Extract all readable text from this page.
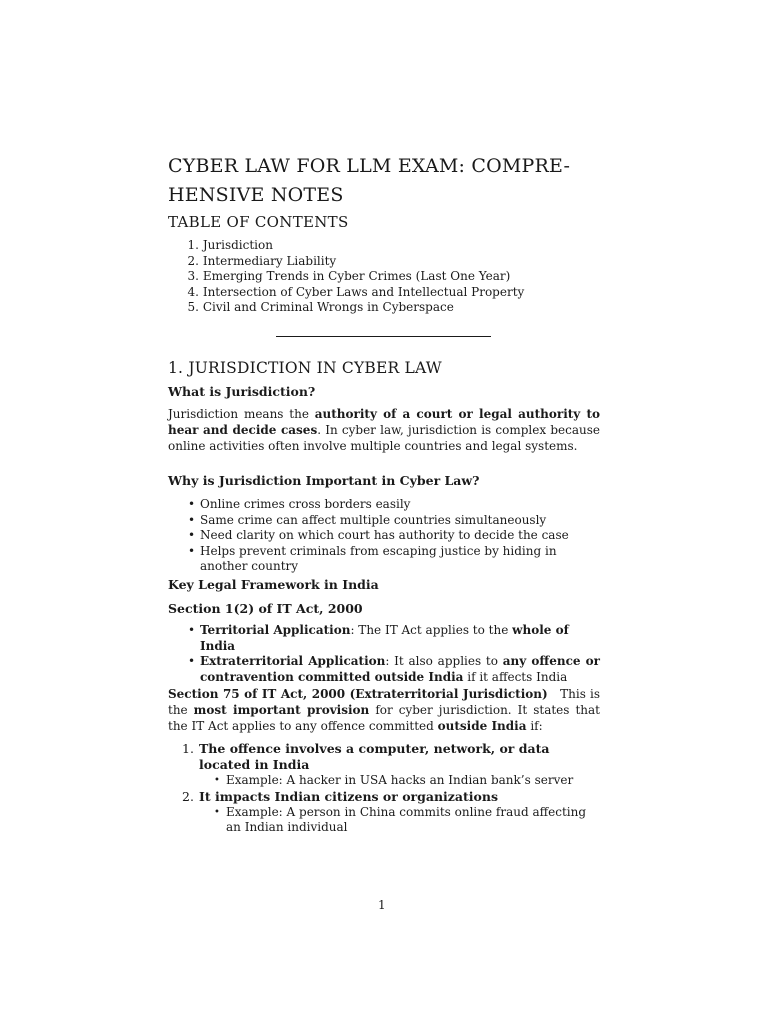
CYBER LAW FOR LLM EXAM: COMPRE-HENSIVE NOTES
TABLE OF CONTENTS
1.
Jurisdiction
2.
Intermediary Liability
3.
Emerging Trends in Cyber Crimes (Last One Year)
4.
Intersection of Cyber Laws and Intellectual Property
5.
Civil and Criminal Wrongs in Cyberspace
1. JURISDICTION IN CYBER LAW
What is Jurisdiction?

Jurisdiction means the authority of a court or legal authority to hear and decide cases. In cyber law, jurisdiction is complex because online activities often involve multiple countries and legal systems.

Why is Jurisdiction Important in Cyber Law?
• Online crimes cross borders easily
• Same crime can affect multiple countries simultaneously
• Need clarity on which court has authority to decide the case
• Helps prevent criminals from escaping justice by hiding in another country
Key Legal Framework in India
Section 1(2) of IT Act, 2000
• Territorial Application: The IT Act applies to the whole of India
• Extraterritorial Application: It also applies to any offence or contravention committed outside India if it affects India

Section 75 of IT Act, 2000 (Extraterritorial Jurisdiction) This is the most important provision for cyber jurisdiction. It states that the IT Act applies to any offence committed outside India if:

1. The offence involves a computer, network, or data located in India
• Example: A hacker in USA hacks an Indian bank’s server
2. It impacts Indian citizens or organizations
• Example: A person in China commits online fraud affecting an Indian individual
1
